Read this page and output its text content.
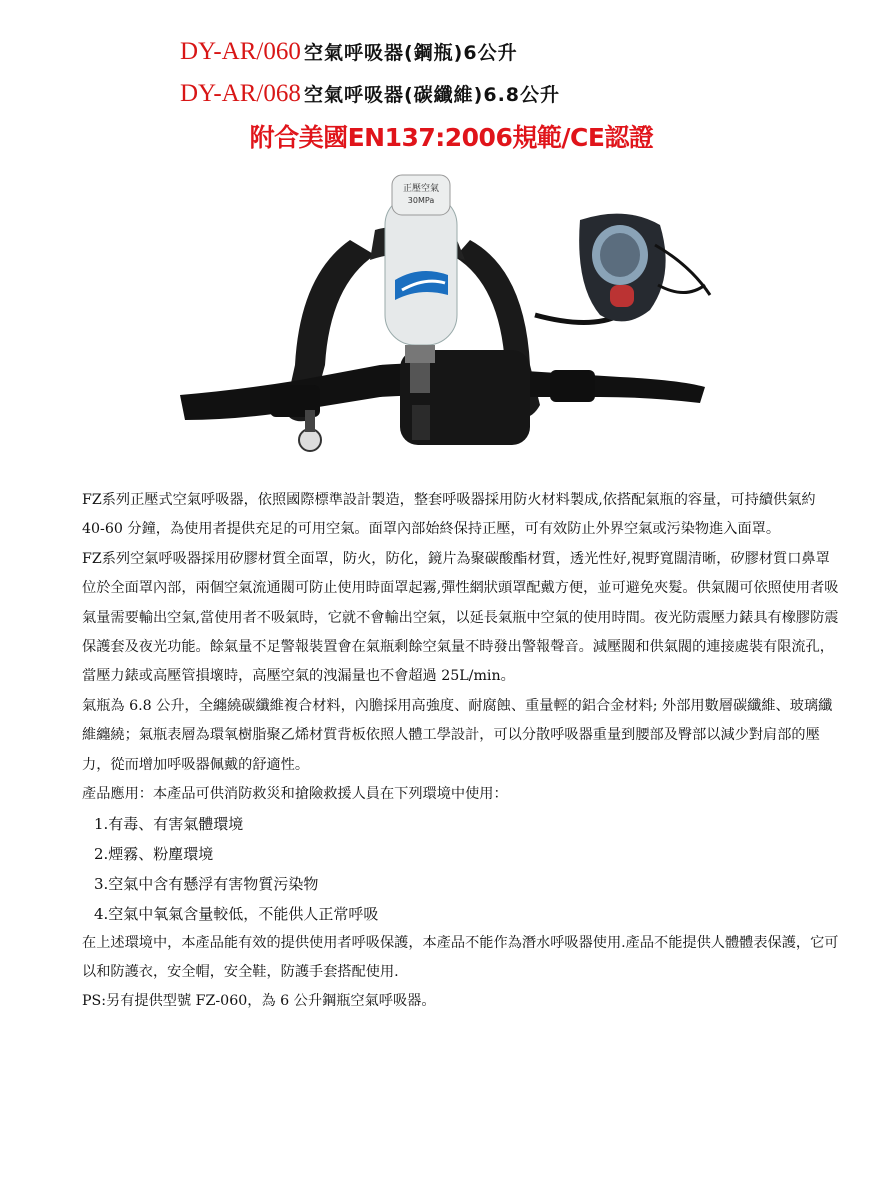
DY-AR/060 空氣呼吸器(鋼瓶)6公升
DY-AR/068 空氣呼吸器(碳纖維)6.8公升
附合美國EN137:2006規範/CE認證
正壓空氣
30MPa

FZ系列正壓式空氣呼吸器，依照國際標準設計製造，整套呼吸器採用防火材料製成,依搭配氣瓶的容量，可持續供氣約 40-60 分鐘，為使用者提供充足的可用空氣。面罩內部始終保持正壓，可有效防止外界空氣或污染物進入面罩。

FZ系列空氣呼吸器採用矽膠材質全面罩，防火，防化，鏡片為聚碳酸酯材質，透光性好,視野寬闊清晰，矽膠材質口鼻罩位於全面罩內部，兩個空氣流通閥可防止使用時面罩起霧,彈性網狀頭罩配戴方便，並可避免夾髮。供氣閥可依照使用者吸氣量需要輸出空氣,當使用者不吸氣時，它就不會輸出空氣，以延長氣瓶中空氣的使用時間。夜光防震壓力錶具有橡膠防震保護套及夜光功能。餘氣量不足警報裝置會在氣瓶剩餘空氣量不時發出警報聲音。減壓閥和供氣閥的連接處裝有限流孔，當壓力錶或高壓管損壞時，高壓空氣的洩漏量也不會超過 25L/min。

氣瓶為 6.8 公升，全纏繞碳纖維複合材料，內膽採用高強度、耐腐蝕、重量輕的鋁合金材料; 外部用數層碳纖維、玻璃纖維纏繞；氣瓶表層為環氧樹脂聚乙烯材質背板依照人體工學設計，可以分散呼吸器重量到腰部及臀部以減少對肩部的壓力，從而增加呼吸器佩戴的舒適性。

產品應用：本產品可供消防救災和搶險救援人員在下列環境中使用：

1.有毒、有害氣體環境
2.煙霧、粉塵環境
3.空氣中含有懸浮有害物質污染物
4.空氣中氧氣含量較低，不能供人正常呼吸

在上述環境中，本產品能有效的提供使用者呼吸保護，本產品不能作為潛水呼吸器使用.產品不能提供人體體表保護，它可以和防護衣，安全帽，安全鞋，防護手套搭配使用.

PS:另有提供型號 FZ-060，為 6 公升鋼瓶空氣呼吸器。
